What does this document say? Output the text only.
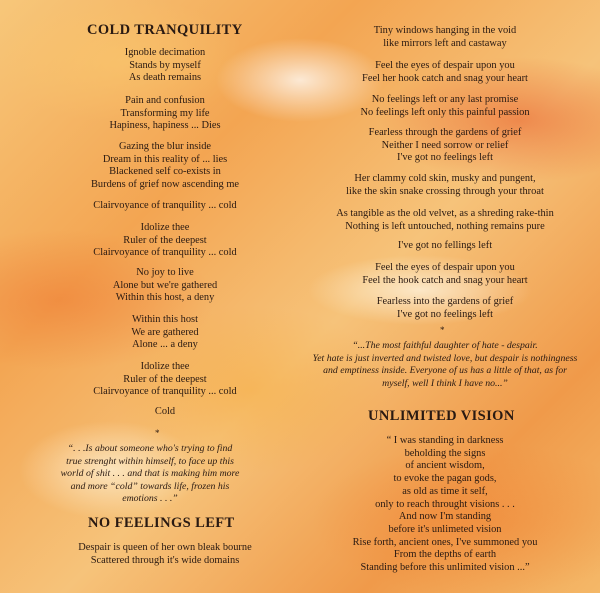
COLD TRANQUILITY
Ignoble decimation
Stands by myself
As death remains
Pain and confusion
Transforming my life
Hapiness, hapiness ... Dies
Gazing the blur inside
Dream in this reality of ... lies
Blackened self co-exists in
Burdens of grief now ascending me
Clairvoyance of tranquility ... cold
Idolize thee
Ruler of the deepest
Clairvoyance of tranquility ... cold
No joy to live
Alone but we're gathered
Within this host, a deny
Within this host
We are gathered
Alone ... a deny
Idolize thee
Ruler of the deepest
Clairvoyance of tranquility ... cold
Cold
*
“. . .Is about someone who's trying to find
true strenght within himself, to face up this
world of shit . . . and that is making him more
and more “cold” towards life, frozen his
emotions . . .”
NO FEELINGS LEFT
Despair is queen of her own bleak bourne
Scattered through it's wide domains
Tiny windows hanging in the void
like mirrors left and castaway
Feel the eyes of despair upon you
Feel her hook catch and snag your heart
No feelings left or any last promise
No feelings left only this painful passion
Fearless through the gardens of grief
Neither I need sorrow or relief
I've got no feelings left
Her clammy cold skin, musky and pungent,
like the skin snake crossing through your throat
As tangible as the old velvet, as a shreding rake-thin
Nothing is left untouched, nothing remains pure
I've got no fellings left
Feel the eyes of despair upon you
Feel the hook catch and snag your heart
Fearless into the gardens of grief
I've got no feelings left
*
“...The most faithful daughter of hate - despair.
Yet hate is just inverted and twisted love, but despair is nothingness
and emptiness inside. Everyone of us has a little of that, as for
myself, well I think I have no...”
UNLIMITED VISION
“ I was standing in darkness
beholding the signs
of ancient wisdom,
to evoke the pagan gods,
as old as time it self,
only to reach throught visions . . .
And now I'm standing
before it's unlimeted vision
Rise forth, ancient ones, I've summoned you
From the depths of earth
Standing before this unlimited vision ...”
